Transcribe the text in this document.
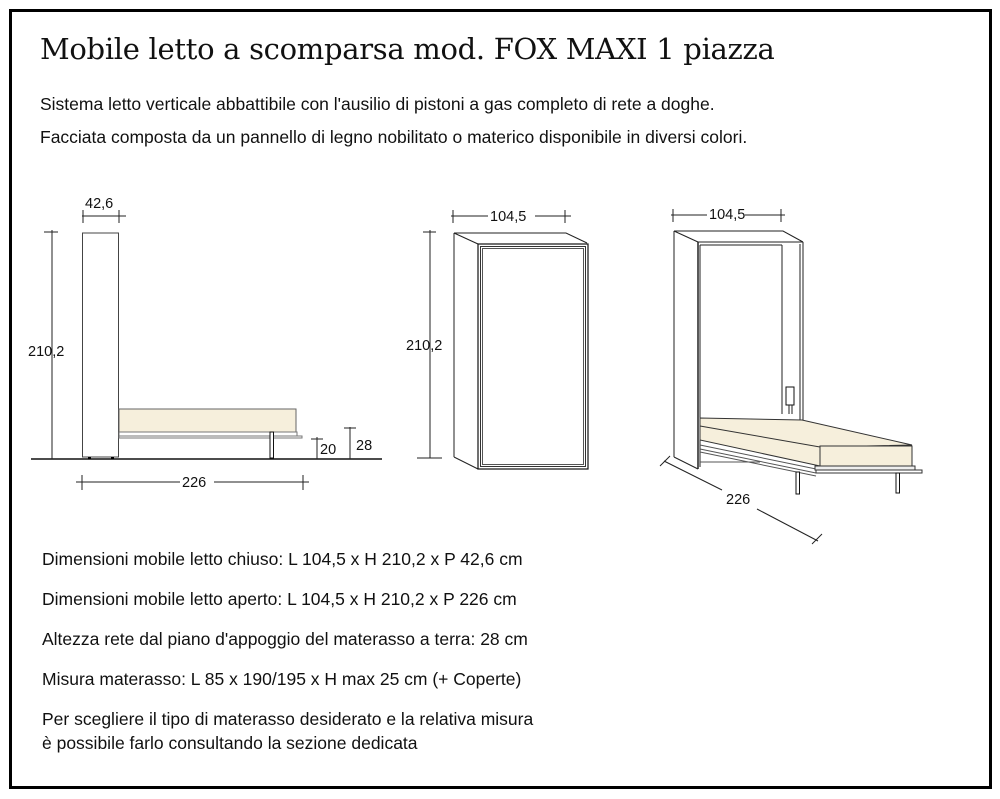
Mobile letto a scomparsa mod. FOX MAXI 1 piazza
Sistema letto verticale abbattibile con l'ausilio di pistoni a gas completo di rete a doghe.
Facciata composta da un pannello di legno nobilitato o materico disponibile in diversi colori.
42,6
210,2
226
20 28
104,5
210,2
104,5
226
Dimensioni mobile letto chiuso: L 104,5 x H 210,2 x P 42,6 cm
Dimensioni mobile letto aperto: L 104,5 x H 210,2 x P 226 cm
Altezza rete dal piano d'appoggio del materasso a terra: 28 cm
Misura materasso: L 85 x 190/195 x H max 25 cm (+ Coperte)
Per scegliere il tipo di materasso desiderato e la relativa misura
è possibile farlo consultando la sezione dedicata
